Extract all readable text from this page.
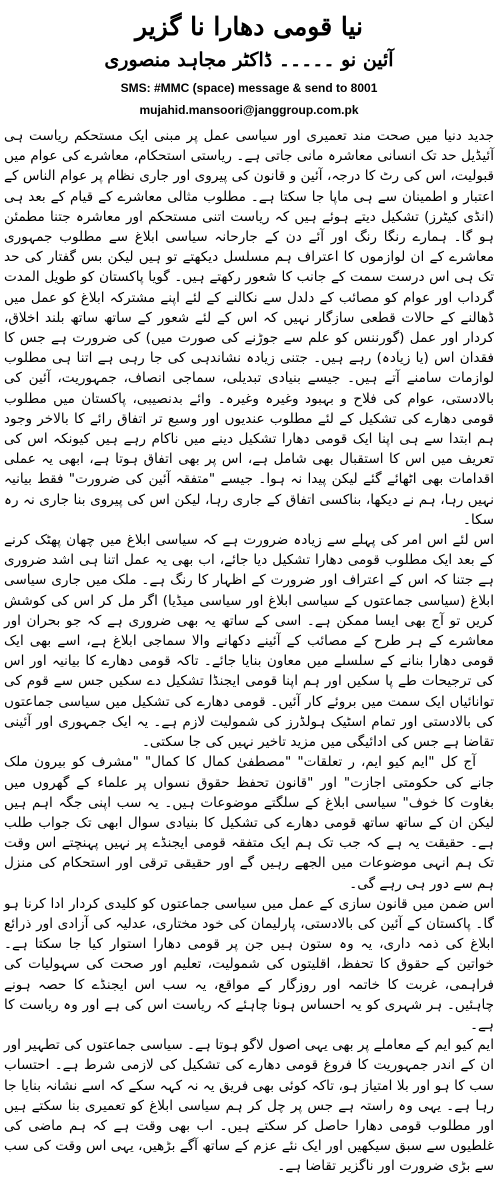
نیا قومی دھارا نا گزیر
آئین نو ۔۔۔۔۔ ڈاکٹر مجاہد منصوری
SMS: #MMC (space) message & send to 8001
mujahid.mansoori@janggroup.com.pk

جدید دنیا میں صحت مند تعمیری اور سیاسی عمل پر مبنی ایک مستحکم ریاست ہی آئیڈیل حد تک انسانی معاشرہ مانی جاتی ہے۔ ریاستی استحکام، معاشرے کی عوام میں قبولیت، اس کی رٹ کا درجہ، آئین و قانون کی پیروی اور جاری نظام پر عوام الناس کے اعتبار و اطمینان سے ہی ماپا جا سکتا ہے۔ مطلوب مثالی معاشرے کے قیام کے بعد ہی (انڈی کیٹرز) تشکیل دیتے ہوئے ہیں کہ ریاست اتنی مستحکم اور معاشرہ جتنا مطمئن ہو گا۔ ہمارے رنگا رنگ اور آئے دن کے جارحانہ سیاسی ابلاغ سے مطلوب جمہوری معاشرے کے ان لوازموں کا اعتراف ہم مسلسل دیکھتے تو ہیں لیکن بس گفتار کی حد تک ہی اس درست سمت کے جانب کا شعور رکھتے ہیں۔ گویا پاکستان کو طویل المدت گرداب اور عوام کو مصائب کے دلدل سے نکالنے کے لئے اپنے مشترکہ ابلاغ کو عمل میں ڈھالنے کے حالات قطعی سازگار نہیں کہ اس کے لئے شعور کے ساتھ ساتھ بلند اخلاق، کردار اور عمل (گورننس کو علم سے جوڑنے کی صورت میں) کی ضرورت ہے جس کا فقدان اس (یا زیادہ) رہے ہیں۔ جتنی زیادہ نشاندہی کی جا رہی ہے اتنا ہی مطلوب لوازمات سامنے آتے ہیں۔ جیسے بنیادی تبدیلی، سماجی انصاف، جمہوریت، آئین کی بالادستی، عوام کی فلاح و بہبود وغیرہ وغیرہ۔ وائے بدنصیبی، پاکستان میں مطلوب قومی دھارے کی تشکیل کے لئے مطلوب عندیوں اور وسیع تر اتفاق رائے کا بالاخر وجود ہم ابتدا سے ہی اپنا ایک قومی دھارا تشکیل دینے میں ناکام رہے ہیں کیونکہ اس کی تعریف میں اس کا استقبال بھی شامل ہے، اس پر بھی اتفاق ہوتا ہے، ابھی یہ عملی اقدامات بھی اٹھائے گئے لیکن پیدا نہ ہوا۔ جیسے "متفقہ آئین کی ضرورت" فقط بیانیہ نہیں رہا، ہم نے دیکھا، بناکسی اتفاق کے جاری رہا، لیکن اس کی پیروی بنا جاری نہ رہ سکا۔

اس لئے اس امر کی پہلے سے زیادہ ضرورت ہے کہ سیاسی ابلاغ میں چھان پھٹک کرنے کے بعد ایک مطلوب قومی دھارا تشکیل دیا جائے، اب بھی یہ عمل اتنا ہی اشد ضروری ہے جتنا کہ اس کے اعتراف اور ضرورت کے اظہار کا رنگ ہے۔ ملک میں جاری سیاسی ابلاغ (سیاسی جماعتوں کے سیاسی ابلاغ اور سیاسی میڈیا) اگر مل کر اس کی کوشش کریں تو آج بھی ایسا ممکن ہے۔ اسی کے ساتھ یہ بھی ضروری ہے کہ جو بحران اور معاشرے کے ہر طرح کے مصائب کے آئینے دکھانے والا سماجی ابلاغ ہے، اسے بھی ایک قومی دھارا بنانے کے سلسلے میں معاون بنایا جائے۔ تاکہ قومی دھارے کا بیانیہ اور اس کی ترجیحات طے پا سکیں اور ہم اپنا قومی ایجنڈا تشکیل دے سکیں جس سے قوم کی توانائیاں ایک سمت میں بروئے کار آئیں۔ قومی دھارے کی تشکیل میں سیاسی جماعتوں کی بالادستی اور تمام اسٹیک ہولڈرز کی شمولیت لازم ہے۔ یہ ایک جمہوری اور آئینی تقاضا ہے جس کی ادائیگی میں مزید تاخیر نہیں کی جا سکتی۔

آج کل "ایم کیو ایم، ر تعلقات" "مصطفیٰ کمال کا کمال" "مشرف کو بیرون ملک جانے کی حکومتی اجازت" اور "قانون تحفظ حقوق نسواں پر علماء کے گھروں میں بغاوت کا خوف" سیاسی ابلاغ کے سلگتے موضوعات ہیں۔ یہ سب اپنی جگہ اہم ہیں لیکن ان کے ساتھ ساتھ قومی دھارے کی تشکیل کا بنیادی سوال ابھی تک جواب طلب ہے۔ حقیقت یہ ہے کہ جب تک ہم ایک متفقہ قومی ایجنڈے پر نہیں پہنچتے اس وقت تک ہم انہی موضوعات میں الجھے رہیں گے اور حقیقی ترقی اور استحکام کی منزل ہم سے دور ہی رہے گی۔

اس ضمن میں قانون سازی کے عمل میں سیاسی جماعتوں کو کلیدی کردار ادا کرنا ہو گا۔ پاکستان کے آئین کی بالادستی، پارلیمان کی خود مختاری، عدلیہ کی آزادی اور ذرائع ابلاغ کی ذمہ داری، یہ وہ ستون ہیں جن پر قومی دھارا استوار کیا جا سکتا ہے۔ خواتین کے حقوق کا تحفظ، اقلیتوں کی شمولیت، تعلیم اور صحت کی سہولیات کی فراہمی، غربت کا خاتمہ اور روزگار کے مواقع، یہ سب اس ایجنڈے کا حصہ ہونے چاہئیں۔ ہر شہری کو یہ احساس ہونا چاہئے کہ ریاست اس کی ہے اور وہ ریاست کا ہے۔

ایم کیو ایم کے معاملے پر بھی یہی اصول لاگو ہوتا ہے۔ سیاسی جماعتوں کی تطہیر اور ان کے اندر جمہوریت کا فروغ قومی دھارے کی تشکیل کی لازمی شرط ہے۔ احتساب سب کا ہو اور بلا امتیاز ہو، تاکہ کوئی بھی فریق یہ نہ کہہ سکے کہ اسے نشانہ بنایا جا رہا ہے۔ یہی وہ راستہ ہے جس پر چل کر ہم سیاسی ابلاغ کو تعمیری بنا سکتے ہیں اور مطلوب قومی دھارا حاصل کر سکتے ہیں۔ اب بھی وقت ہے کہ ہم ماضی کی غلطیوں سے سبق سیکھیں اور ایک نئے عزم کے ساتھ آگے بڑھیں، یہی اس وقت کی سب سے بڑی ضرورت اور ناگزیر تقاضا ہے۔
